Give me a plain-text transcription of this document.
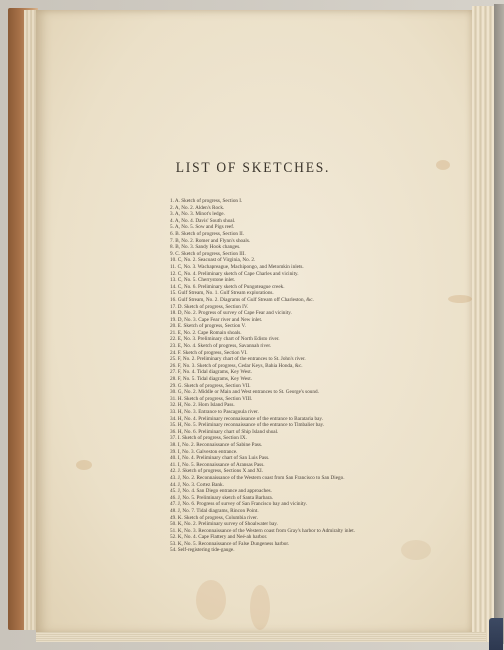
LIST OF SKETCHES.
1. A. Sketch of progress, Section I.
2. A, No. 2. Alden's Rock.
3. A, No. 3. Minot's ledge.
4. A, No. 4. Davis' South shoal.
5. A, No. 5. Sow and Pigs reef.
6. B. Sketch of progress, Section II.
7. B, No. 2. Romer and Flynn's shoals.
8. B, No. 3. Sandy Hook changes.
9. C. Sketch of progress, Section III.
10. C, No. 2. Seacoast of Virginia, No. 2.
11. C, No. 3. Wachapreague, Machipongo, and Metomkin inlets.
12. C, No. 4. Preliminary sketch of Cape Charles and vicinity.
13. C, No. 5. Cherrystone inlet.
14. C, No. 6. Preliminary sketch of Pungoteague creek.
15. Gulf Stream, No. 1. Gulf Stream explorations.
16. Gulf Stream, No. 2. Diagrams of Gulf Stream off Charleston, &c.
17. D. Sketch of progress, Section IV.
18. D, No. 2. Progress of survey of Cape Fear and vicinity.
19. D, No. 3. Cape Fear river and New inlet.
20. E. Sketch of progress, Section V.
21. E, No. 2. Cape Romain shoals.
22. E, No. 3. Preliminary chart of North Edisto river.
23. E, No. 4. Sketch of progress, Savannah river.
24. F. Sketch of progress, Section VI.
25. F, No. 2. Preliminary chart of the entrances to St. John's river.
26. F, No. 3. Sketch of progress, Cedar Keys, Bahia Honda, &c.
27. F, No. 4. Tidal diagrams, Key West.
28. F, No. 5. Tidal diagrams, Key West.
29. G. Sketch of progress, Section VII.
30. G, No. 2. Middle or Main and West entrances to St. George's sound.
31. H. Sketch of progress, Section VIII.
32. H, No. 2. Horn Island Pass.
33. H, No. 3. Entrance to Pascagoula river.
34. H, No. 4. Preliminary reconnaissance of the entrance to Barataria bay.
35. H, No. 5. Preliminary reconnaissance of the entrance to Timbalier bay.
36. H, No. 6. Preliminary chart of Ship Island shoal.
37. I. Sketch of progress, Section IX.
38. I, No. 2. Reconnaissance of Sabine Pass.
39. I, No. 3. Galveston entrance.
40. I, No. 4. Preliminary chart of San Luis Pass.
41. I, No. 5. Reconnaissance of Aransas Pass.
42. J. Sketch of progress, Sections X and XI.
43. J, No. 2. Reconnaissance of the Western coast from San Francisco to San Diego.
44. J, No. 3. Cortez Bank.
45. J, No. 4. San Diego entrance and approaches.
46. J, No. 5. Preliminary sketch of Santa Barbara.
47. J, No. 6. Progress of survey of San Francisco bay and vicinity.
48. J, No. 7. Tidal diagrams, Rincon Point.
49. K. Sketch of progress, Columbia river.
50. K, No. 2. Preliminary survey of Shoalwater bay.
51. K, No. 3. Reconnaissance of the Western coast from Gray's harbor to Admiralty inlet.
52. K, No. 4. Cape Flattery and Neé-ah harbor.
53. K, No. 5. Reconnaissance of False Dungeness harbor.
54. Self-registering tide-gauge.
